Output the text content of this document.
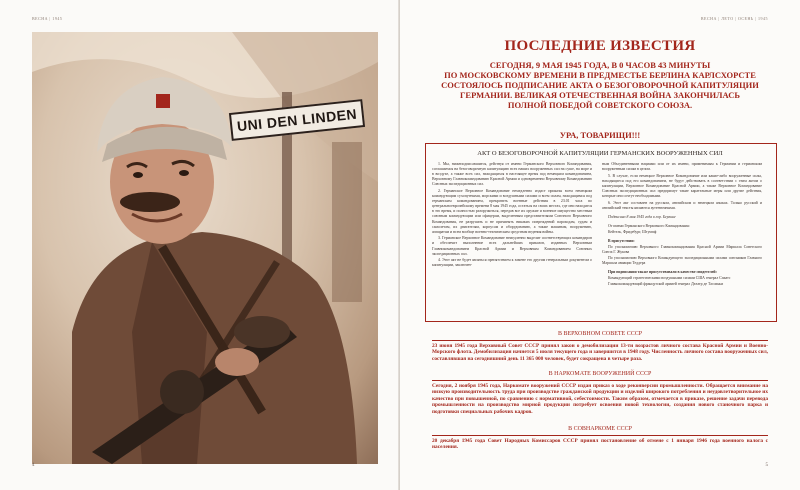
ВЕСНА | 1945
UNI DEN LINDEN
4
ВЕСНА | ЛЕТО | ОСЕНЬ | 1945
5
ПОСЛЕДНИЕ ИЗВЕСТИЯ
СЕГОДНЯ, 9 МАЯ 1945 ГОДА, В 0 ЧАСОВ 43 МИНУТЫ
ПО МОСКОВСКОМУ ВРЕМЕНИ В ПРЕДМЕСТЬЕ БЕРЛИНА КАРЛСХОРСТЕ
СОСТОЯЛОСЬ ПОДПИСАНИЕ АКТА О БЕЗОГОВОРОЧНОЙ КАПИТУЛЯЦИИ
ГЕРМАНИИ. ВЕЛИКАЯ ОТЕЧЕСТВЕННАЯ ВОЙНА ЗАКОНЧИЛАСЬ
ПОЛНОЙ ПОБЕДОЙ СОВЕТСКОГО СОЮЗА.
УРА, ТОВАРИЩИ!!!
АКТ О БЕЗОГОВОРОЧНОЙ КАПИТУЛЯЦИИ ГЕРМАНСКИХ ВООРУЖЕННЫХ СИЛ

1. Мы, нижеподписавшиеся, действуя от имени Германского Верховного Командования, соглашаемся на безоговорочную капитуляцию всех наших вооруженных сил на суше, на море и в воздухе, а также всех сил, находящихся в настоящее время под немецким командованием, Верховному Главнокомандованию Красной Армии и одновременно Верховному Командованию Союзных экспедиционных сил.

2. Германское Верховное Командование немедленно издаст приказы всем немецким командующим сухопутными, морскими и воздушными силами и всем силам, находящимся под германским командованием, прекратить военные действия в 23.01 часа по центральноевропейскому времени 8 мая 1945 года, остаться на своих местах, где они находятся в это время, и полностью разоружиться, передав все их оружие и военное имущество местным союзным командующим или офицерам, выделенным представителями Союзного Верховного Командования, не разрушать и не причинять никаких повреждений пароходам, судам и самолетам, их двигателям, корпусам и оборудованию, а также машинам, вооружению, аппаратам и всем вообще военно-техническим средствам ведения войны.

3. Германское Верховное Командование немедленно выделит соответствующих командиров и обеспечит выполнение всех дальнейших приказов, изданных Верховным Главнокомандованием Красной Армии и Верховным Командованием Союзных экспедиционных сил.

4. Этот акт не будет являться препятствием к замене его другим генеральным документом о капитуляции, заключен-

ным Объединенными нациями или от их имени, применимым к Германии и германским вооруженным силам в целом.

5. В случае, если немецкое Верховное Командование или какие-либо вооруженные силы, находящиеся под его командованием, не будут действовать в соответствии с этим актом о капитуляции, Верховное Командование Красной Армии, а также Верховное Командование Союзных экспедиционных сил предпримут такие карательные меры или другие действия, которые они сочтут необходимыми.

6. Этот акт составлен на русском, английском и немецком языках. Только русский и английский тексты являются аутентичными.

Подписано 8 мая 1945 года в гор. Берлине

От имени Германского Верховного Командования:

Кейтель, Фридебург, Штумпф

В присутствии:

По уполномочию Верховного Главнокомандования Красной Армии Маршала Советского Союза Г. Жукова

По уполномочию Верховного Командующего экспедиционными силами союзников Главного Маршала авиации Теддера

При подписании также присутствовали в качестве свидетелей:

Командующий стратегическими воздушными силами США генерал Спаатс

Главнокомандующий французской армией генерал Делатр де Тассиньи

В ВЕРХОВНОМ СОВЕТЕ СССР
23 июня 1945 года Верховный Совет СССР принял закон о демобилизации 13-ти возрастов личного состава Красной Армии и Военно-Морского флота. Демобилизация начнется 5 июля текущего года и завершится в 1948 году. Численность личного состава вооруженных сил, составлявшая на сегодняшний день 11 365 000 человек, будет сокращена в четыре раза.
В НАРКОМАТЕ ВООРУЖЕНИЙ СССР
Сегодня, 2 ноября 1945 года, Наркомате вооружений СССР издан приказ о ходе реконверсии промышленности. Обращается внимание на низкую производительность труда при производстве гражданской продукции и изделий широкого потребления и неудовлетворительное их качество при повышенной, по сравнению с нормативной, себестоимости. Таким образом, отмечается в приказе, решение задачи перевода промышленности на производство мирной продукции потребует освоения новой технологии, создания нового станочного парка и подготовки специальных рабочих кадров.
В СОВНАРКОМЕ СССР
20 декабря 1945 года Совет Народных Комиссаров СССР принял постановление об отмене с 1 января 1946 года военного налога с населения.
